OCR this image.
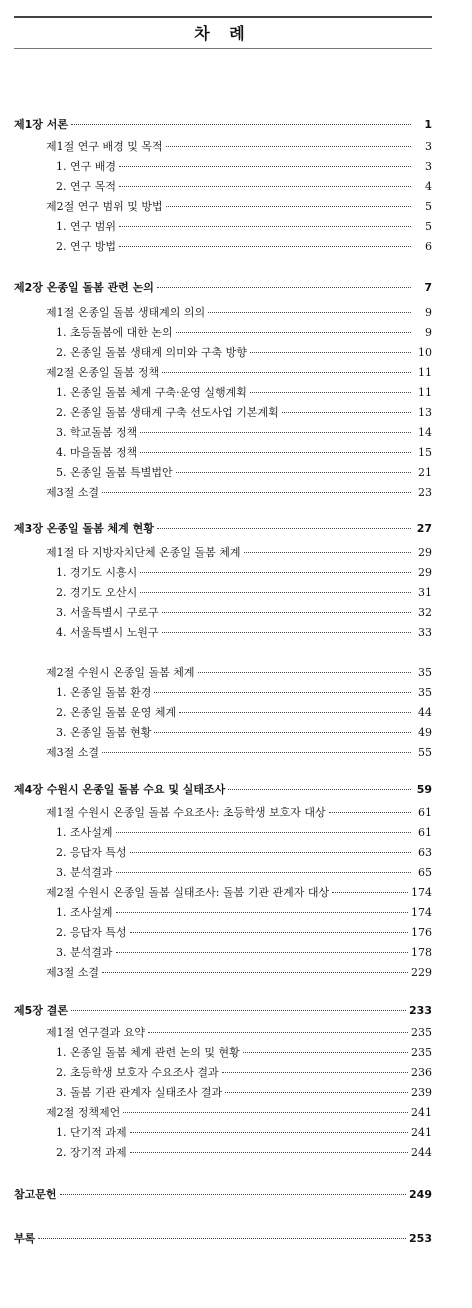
차 례
제1장 서론	1
제1절 연구 배경 및 목적	3
1. 연구 배경	3
2. 연구 목적	4
제2절 연구 범위 및 방법	5
1. 연구 범위	5
2. 연구 방법	6
제2장 온종일 돌봄 관련 논의	7
제1절 온종일 돌봄 생태계의 의의	9
1. 초등돌봄에 대한 논의	9
2. 온종일 돌봄 생태계 의미와 구축 방향	10
제2절 온종일 돌봄 정책	11
1. 온종일 돌봄 체계 구축·운영 실행계획	11
2. 온종일 돌봄 생태계 구축 선도사업 기본계획	13
3. 학교돌봄 정책	14
4. 마을돌봄 정책	15
5. 온종일 돌봄 특별법안	21
제3절 소결	23
제3장 온종일 돌봄 체계 현황	27
제1절 타 지방자치단체 온종일 돌봄 체계	29
1. 경기도 시흥시	29
2. 경기도 오산시	31
3. 서울특별시 구로구	32
4. 서울특별시 노원구	33
제2절 수원시 온종일 돌봄 체계	35
1. 온종일 돌봄 환경	35
2. 온종일 돌봄 운영 체계	44
3. 온종일 돌봄 현황	49
제3절 소결	55
제4장 수원시 온종일 돌봄 수요 및 실태조사	59
제1절 수원시 온종일 돌봄 수요조사: 초등학생 보호자 대상	61
1. 조사설계	61
2. 응답자 특성	63
3. 분석결과	65
제2절 수원시 온종일 돌봄 실태조사: 돌봄 기관 관계자 대상	174
1. 조사설계	174
2. 응답자 특성	176
3. 분석결과	178
제3절 소결	229
제5장 결론	233
제1절 연구결과 요약	235
1. 온종일 돌봄 체계 관련 논의 및 현황	235
2. 초등학생 보호자 수요조사 결과	236
3. 돌봄 기관 관계자 실태조사 결과	239
제2절 정책제언	241
1. 단기적 과제	241
2. 장기적 과제	244
참고문헌	249
부록	253
